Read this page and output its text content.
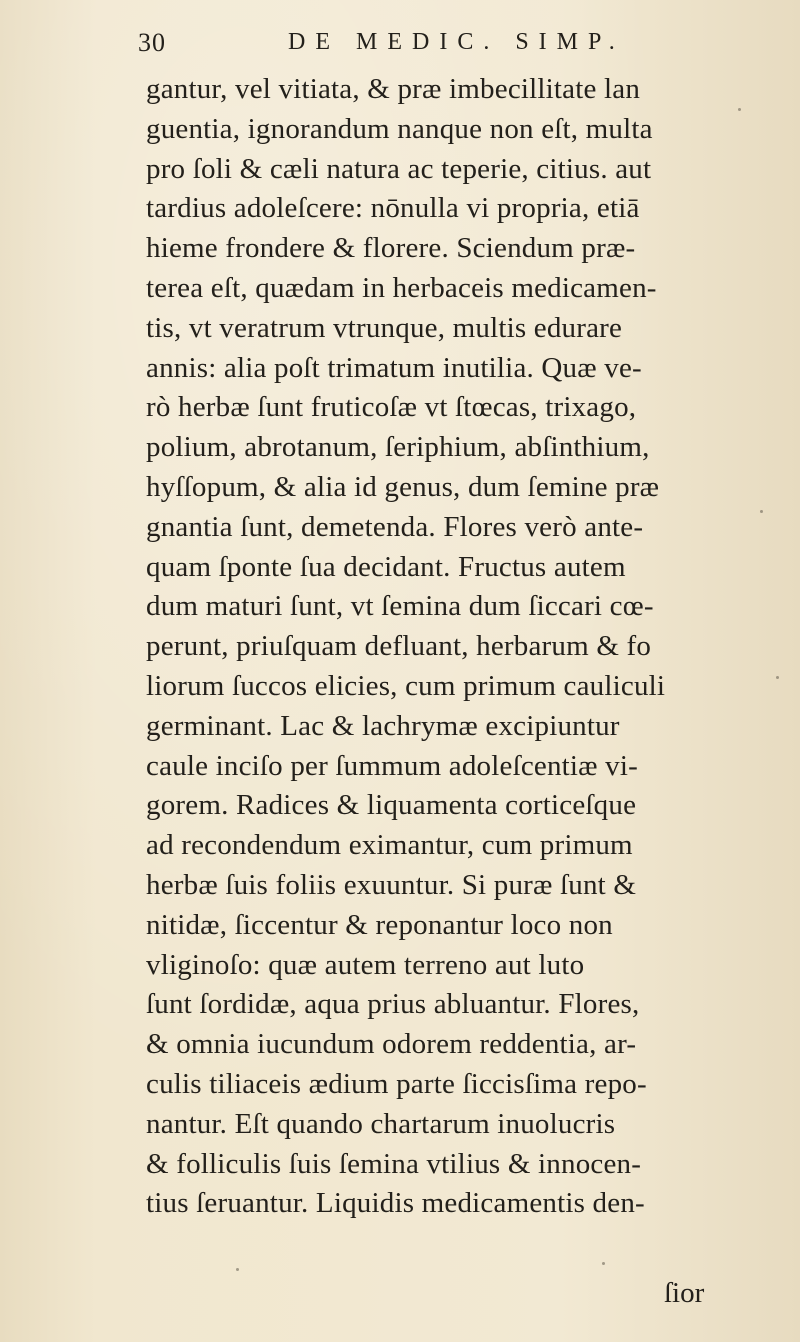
30	DE MEDIC. SIMP.
gantur, vel vitiata, & præ imbecillitate lan
guentia, ignorandum nanque non eſt, multa
pro ſoli & cæli natura ac teperie, citius. aut
tardius adoleſcere: nōnulla vi propria, etiā
hieme frondere & florere. Sciendum præ-
terea eſt, quædam in herbaceis medicamen-
tis, vt veratrum vtrunque, multis edurare
annis: alia poſt trimatum inutilia. Quæ ve-
rò herbæ ſunt fruticoſæ vt ſtœcas, trixago,
polium, abrotanum, ſeriphium, abſinthium,
hyſſopum, & alia id genus, dum ſemine præ
gnantia ſunt, demetenda. Flores verò ante-
quam ſponte ſua decidant. Fructus autem
dum maturi ſunt, vt ſemina dum ſiccari cœ-
perunt, priuſquam defluant, herbarum & fo
liorum ſuccos elicies, cum primum cauliculi
germinant. Lac & lachrymæ excipiuntur
caule inciſo per ſummum adoleſcentiæ vi-
gorem. Radices & liquamenta corticeſque
ad recondendum eximantur, cum primum
herbæ ſuis foliis exuuntur. Si puræ ſunt &
nitidæ, ſiccentur & reponantur loco non
vliginoſo: quæ autem terreno aut luto
ſunt ſordidæ, aqua prius abluantur. Flores,
& omnia iucundum odorem reddentia, ar-
culis tiliaceis ædium parte ſiccisſima repo-
nantur. Eſt quando chartarum inuolucris
& folliculis ſuis ſemina vtilius & innocen-
tius ſeruantur. Liquidis medicamentis den-
ſior
